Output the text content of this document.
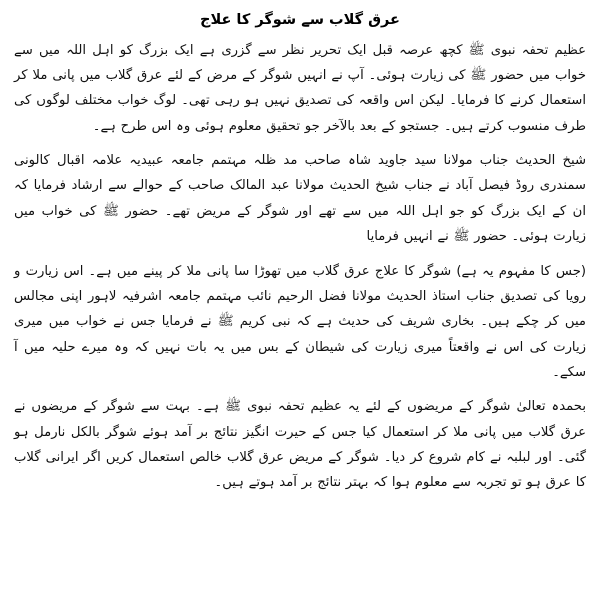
عرق گلاب سے شوگر کا علاج

عظیم تحفہ نبوی ﷺ کچھ عرصہ قبل ایک تحریر نظر سے گزری ہے ایک بزرگ کو اہل اللہ میں سے خواب میں حضور ﷺ کی زیارت ہوئی۔ آپ نے انہیں شوگر کے مرض کے لئے عرق گلاب میں پانی ملا کر استعمال کرنے کا فرمایا۔ لیکن اس واقعہ کی تصدیق نہیں ہو رہی تھی۔ لوگ خواب مختلف لوگوں کی طرف منسوب کرتے ہیں۔ جستجو کے بعد بالآخر جو تحقیق معلوم ہوئی وہ اس طرح ہے۔

شیخ الحدیث جناب مولانا سید جاوید شاہ صاحب مد ظلہ مہتمم جامعہ عبیدیہ علامہ اقبال کالونی سمندری روڈ فیصل آباد نے جناب شیخ الحدیث مولانا عبد المالک صاحب کے حوالے سے ارشاد فرمایا کہ ان کے ایک بزرگ کو جو اہل اللہ میں سے تھے اور شوگر کے مریض تھے۔ حضور ﷺ کی خواب میں زیارت ہوئی۔ حضور ﷺ نے انہیں فرمایا

(جس کا مفہوم یہ ہے) شوگر کا علاج عرق گلاب میں تھوڑا سا پانی ملا کر پینے میں ہے۔ اس زیارت و رویا کی تصدیق جناب استاذ الحدیث مولانا فضل الرحیم نائب مہتمم جامعہ اشرفیہ لاہور اپنی مجالس میں کر چکے ہیں۔ بخاری شریف کی حدیث ہے کہ نبی کریم ﷺ نے فرمایا جس نے خواب میں میری زیارت کی اس نے واقعتاً میری زیارت کی شیطان کے بس میں یہ بات نہیں کہ وہ میرے حلیہ میں آ سکے۔

بحمدہ تعالیٰ شوگر کے مریضوں کے لئے یہ عظیم تحفہ نبوی ﷺ ہے۔ بہت سے شوگر کے مریضوں نے عرق گلاب میں پانی ملا کر استعمال کیا جس کے حیرت انگیز نتائج بر آمد ہوئے شوگر بالکل نارمل ہو گئی۔ اور لبلبہ نے کام شروع کر دیا۔ شوگر کے مریض عرق گلاب خالص استعمال کریں اگر ایرانی گلاب کا عرق ہو تو تجربہ سے معلوم ہوا کہ بہتر نتائج بر آمد ہوتے ہیں۔
